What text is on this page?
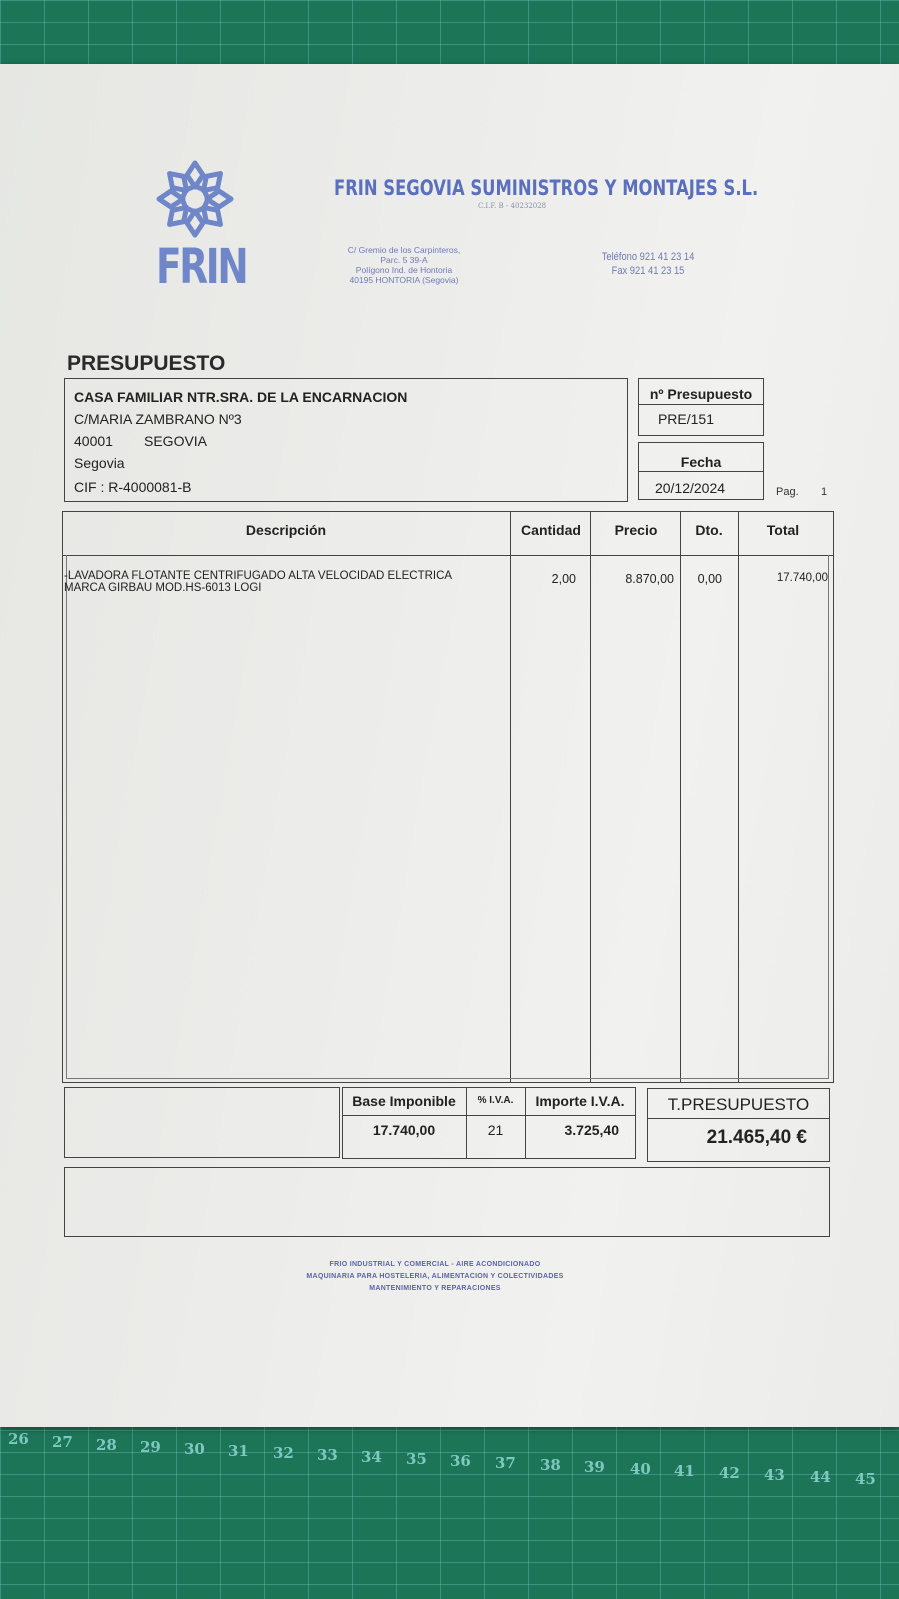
26 27 28 29 30 31 32 33 34 35 36 37 38 39 40 41 42 43 44 45
FRIN
FRIN SEGOVIA SUMINISTROS Y MONTAJES S.L.
C.I.F. B - 40232028
C/ Gremio de los Carpinteros,
Parc. 5 39-A
Polígono Ind. de Hontoria
40195 HONTORIA (Segovia)
Teléfono 921 41 23 14
Fax 921 41 23 15
PRESUPUESTO
CASA FAMILIAR NTR.SRA. DE LA ENCARNACION
C/MARIA ZAMBRANO Nº3
40001 SEGOVIA
Segovia
CIF : R-4000081-B
nº Presupuesto
PRE/151
Fecha
20/12/2024	Pag. 1
Descripción	Cantidad	Precio	Dto.	Total
-LAVADORA FLOTANTE CENTRIFUGADO ALTA VELOCIDAD ELECTRICA
MARCA GIRBAU MOD.HS-6013 LOGI
2,00	8.870,00	0,00	17.740,00
Base Imponible	% I.V.A.	Importe I.V.A.
17.740,00	21	3.725,40
T.PRESUPUESTO
21.465,40 €
FRIO INDUSTRIAL Y COMERCIAL - AIRE ACONDICIONADO
MAQUINARIA PARA HOSTELERIA, ALIMENTACION Y COLECTIVIDADES
MANTENIMIENTO Y REPARACIONES
